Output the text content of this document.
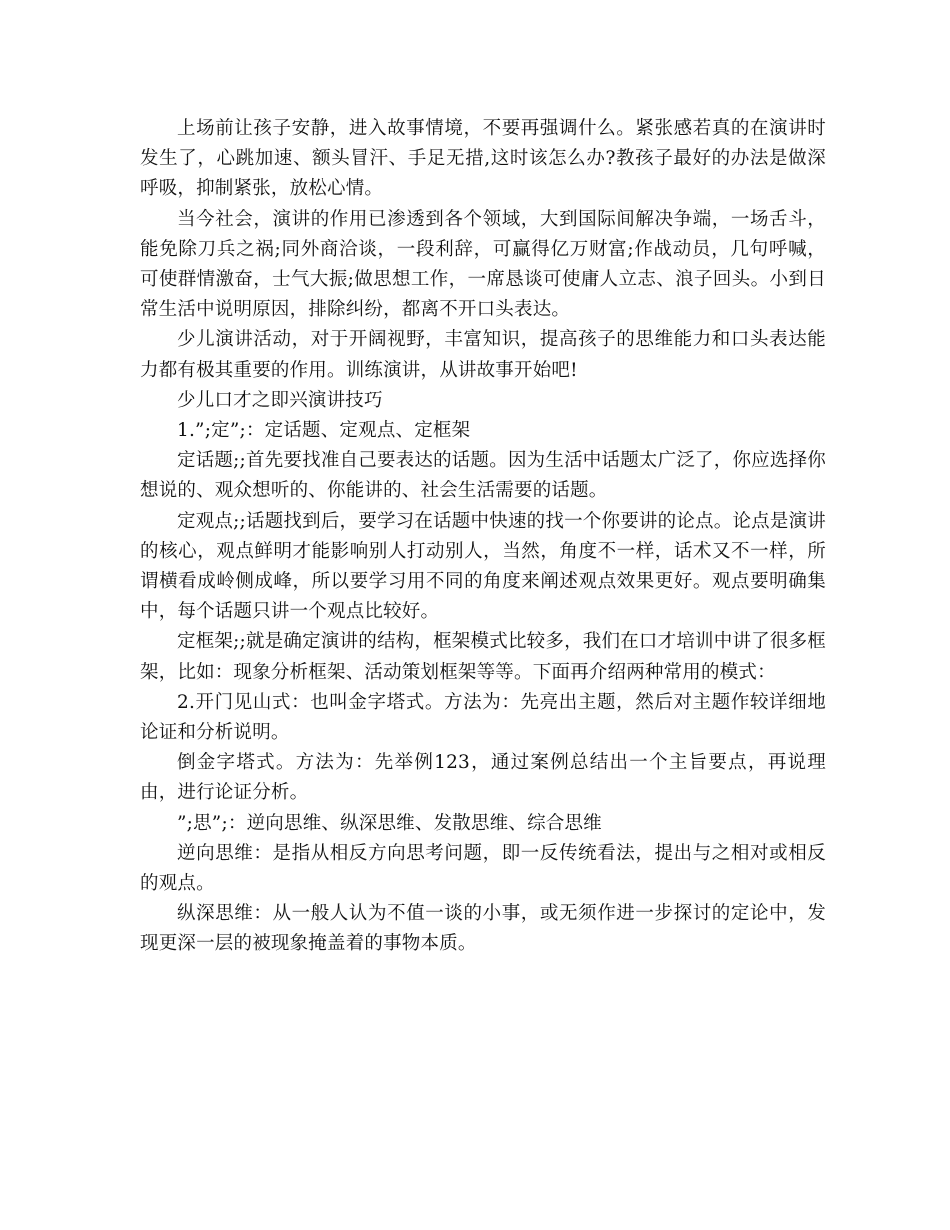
上场前让孩子安静，进入故事情境，不要再强调什么。紧张感若真的在演讲时发生了，心跳加速、额头冒汗、手足无措,这时该怎么办?教孩子最好的办法是做深呼吸，抑制紧张，放松心情。

当今社会，演讲的作用已渗透到各个领域，大到国际间解决争端，一场舌斗，能免除刀兵之祸;同外商洽谈，一段利辞，可赢得亿万财富;作战动员，几句呼喊，可使群情激奋，士气大振;做思想工作，一席恳谈可使庸人立志、浪子回头。小到日常生活中说明原因，排除纠纷，都离不开口头表达。

少儿演讲活动，对于开阔视野，丰富知识，提高孩子的思维能力和口头表达能力都有极其重要的作用。训练演讲，从讲故事开始吧!

少儿口才之即兴演讲技巧

1.”;定”;：定话题、定观点、定框架

定话题;;首先要找准自己要表达的话题。因为生活中话题太广泛了，你应选择你想说的、观众想听的、你能讲的、社会生活需要的话题。

定观点;;话题找到后，要学习在话题中快速的找一个你要讲的论点。论点是演讲的核心，观点鲜明才能影响别人打动别人，当然，角度不一样，话术又不一样，所谓横看成岭侧成峰，所以要学习用不同的角度来阐述观点效果更好。观点要明确集中，每个话题只讲一个观点比较好。

定框架;;就是确定演讲的结构，框架模式比较多，我们在口才培训中讲了很多框架，比如：现象分析框架、活动策划框架等等。下面再介绍两种常用的模式：

2.开门见山式：也叫金字塔式。方法为：先亮出主题，然后对主题作较详细地论证和分析说明。

倒金字塔式。方法为：先举例123，通过案例总结出一个主旨要点，再说理由，进行论证分析。

”;思”;：逆向思维、纵深思维、发散思维、综合思维

逆向思维：是指从相反方向思考问题，即一反传统看法，提出与之相对或相反的观点。

纵深思维：从一般人认为不值一谈的小事，或无须作进一步探讨的定论中，发现更深一层的被现象掩盖着的事物本质。
